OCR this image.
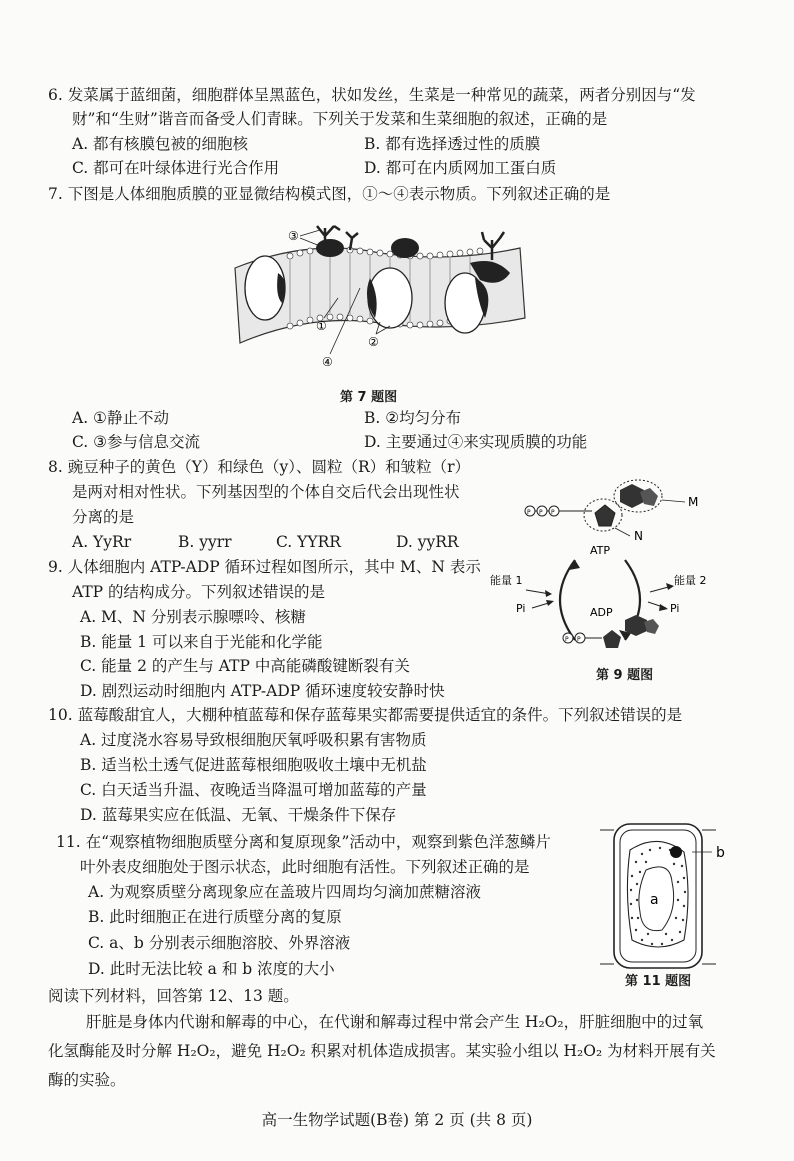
6. 发菜属于蓝细菌，细胞群体呈黑蓝色，状如发丝，生菜是一种常见的蔬菜，两者分别因与“发
财”和“生财”谐音而备受人们青睐。下列关于发菜和生菜细胞的叙述，正确的是
A. 都有核膜包被的细胞核	B. 都有选择透过性的质膜
C. 都可在叶绿体进行光合作用	D. 都可在内质网加工蛋白质
7. 下图是人体细胞质膜的亚显微结构模式图，①～④表示物质。下列叙述正确的是
③
①
④
②
第 7 题图
A. ①静止不动	B. ②均匀分布
C. ③参与信息交流	D. 主要通过④来实现质膜的功能
8. 豌豆种子的黄色（Y）和绿色（y）、圆粒（R）和皱粒（r）
是两对相对性状。下列基因型的个体自交后代会出现性状
分离的是
A. YyRr	B. yyrr	C. YYRR	D. yyRR
P P P
M
N
ATP
能量 1	能量 2
Pi	Pi
ADP
P P
9. 人体细胞内 ATP-ADP 循环过程如图所示，其中 M、N 表示
ATP 的结构成分。下列叙述错误的是
A. M、N 分别表示腺嘌呤、核糖
B. 能量 1 可以来自于光能和化学能
C. 能量 2 的产生与 ATP 中高能磷酸键断裂有关
D. 剧烈运动时细胞内 ATP-ADP 循环速度较安静时快
第 9 题图
10. 蓝莓酸甜宜人，大棚种植蓝莓和保存蓝莓果实都需要提供适宜的条件。下列叙述错误的是
A. 过度浇水容易导致根细胞厌氧呼吸积累有害物质
B. 适当松土透气促进蓝莓根细胞吸收土壤中无机盐
C. 白天适当升温、夜晚适当降温可增加蓝莓的产量
D. 蓝莓果实应在低温、无氧、干燥条件下保存
a
b
第 11 题图
11. 在“观察植物细胞质壁分离和复原现象”活动中，观察到紫色洋葱鳞片
叶外表皮细胞处于图示状态，此时细胞有活性。下列叙述正确的是
A. 为观察质壁分离现象应在盖玻片四周均匀滴加蔗糖溶液
B. 此时细胞正在进行质壁分离的复原
C. a、b 分别表示细胞溶胶、外界溶液
D. 此时无法比较 a 和 b 浓度的大小
阅读下列材料，回答第 12、13 题。
肝脏是身体内代谢和解毒的中心，在代谢和解毒过程中常会产生 H₂O₂，肝脏细胞中的过氧
化氢酶能及时分解 H₂O₂，避免 H₂O₂ 积累对机体造成损害。某实验小组以 H₂O₂ 为材料开展有关
酶的实验。
高一生物学试题(B卷) 第 2 页 (共 8 页)
